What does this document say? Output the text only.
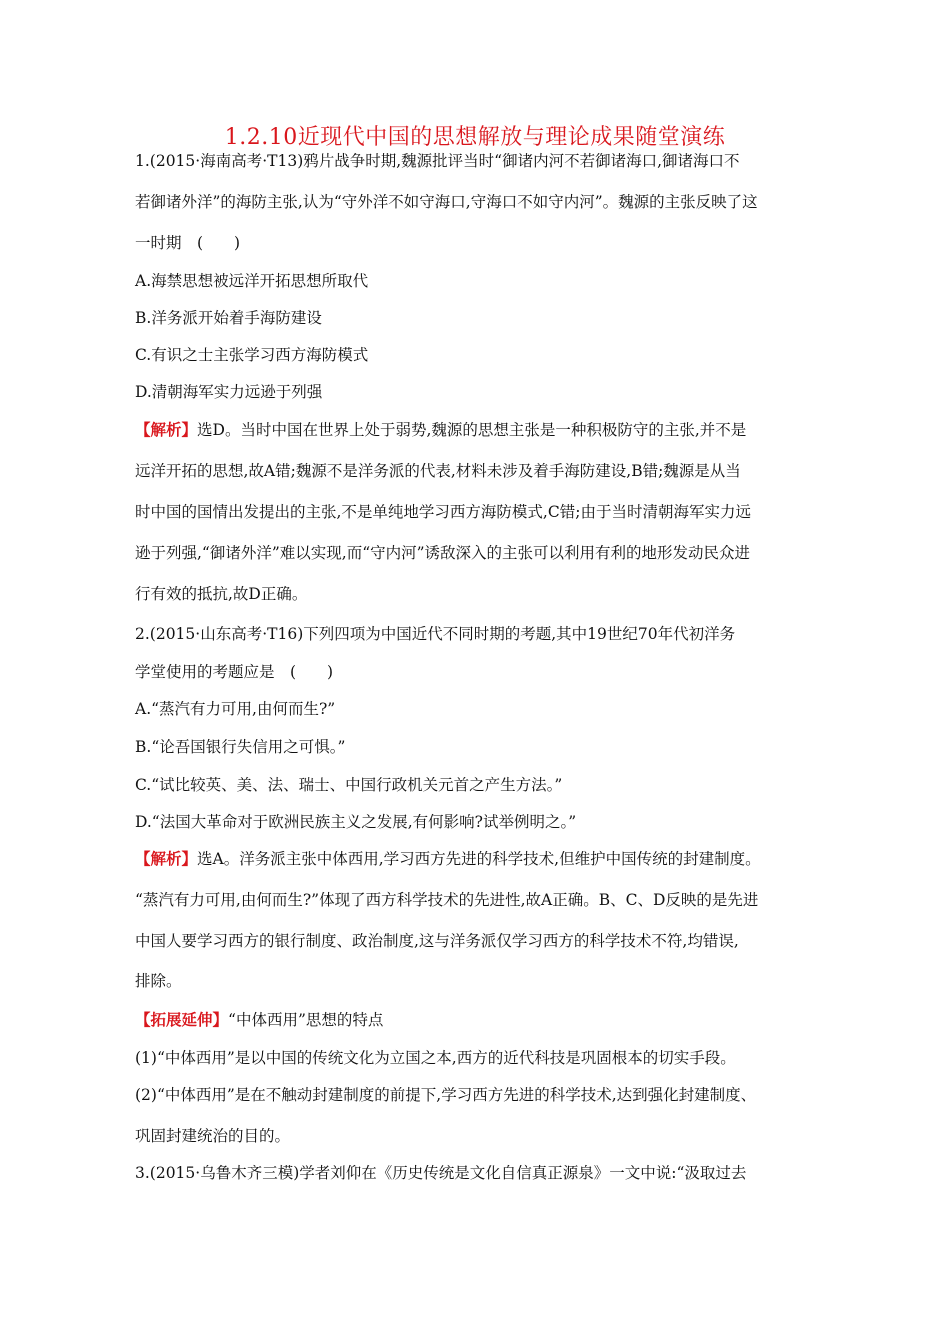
1.2.10近现代中国的思想解放与理论成果随堂演练
1.(2015·海南高考·T13)鸦片战争时期,魏源批评当时“御诸内河不若御诸海口,御诸海口不
若御诸外洋”的海防主张,认为“守外洋不如守海口,守海口不如守内河”。魏源的主张反映了这
一时期　(　　)
A.海禁思想被远洋开拓思想所取代
B.洋务派开始着手海防建设
C.有识之士主张学习西方海防模式
D.清朝海军实力远逊于列强
【解析】选D。当时中国在世界上处于弱势,魏源的思想主张是一种积极防守的主张,并不是
远洋开拓的思想,故A错;魏源不是洋务派的代表,材料未涉及着手海防建设,B错;魏源是从当
时中国的国情出发提出的主张,不是单纯地学习西方海防模式,C错;由于当时清朝海军实力远
逊于列强,“御诸外洋”难以实现,而“守内河”诱敌深入的主张可以利用有利的地形发动民众进
行有效的抵抗,故D正确。
2.(2015·山东高考·T16)下列四项为中国近代不同时期的考题,其中19世纪70年代初洋务
学堂使用的考题应是　(　　)
A.“蒸汽有力可用,由何而生?”
B.“论吾国银行失信用之可惧。”
C.“试比较英、美、法、瑞士、中国行政机关元首之产生方法。”
D.“法国大革命对于欧洲民族主义之发展,有何影响?试举例明之。”
【解析】选A。洋务派主张中体西用,学习西方先进的科学技术,但维护中国传统的封建制度。
“蒸汽有力可用,由何而生?”体现了西方科学技术的先进性,故A正确。B、C、D反映的是先进
中国人要学习西方的银行制度、政治制度,这与洋务派仅学习西方的科学技术不符,均错误,
排除。
【拓展延伸】“中体西用”思想的特点
(1)“中体西用”是以中国的传统文化为立国之本,西方的近代科技是巩固根本的切实手段。
(2)“中体西用”是在不触动封建制度的前提下,学习西方先进的科学技术,达到强化封建制度、
巩固封建统治的目的。
3.(2015·乌鲁木齐三模)学者刘仰在《历史传统是文化自信真正源泉》一文中说:“汲取过去
